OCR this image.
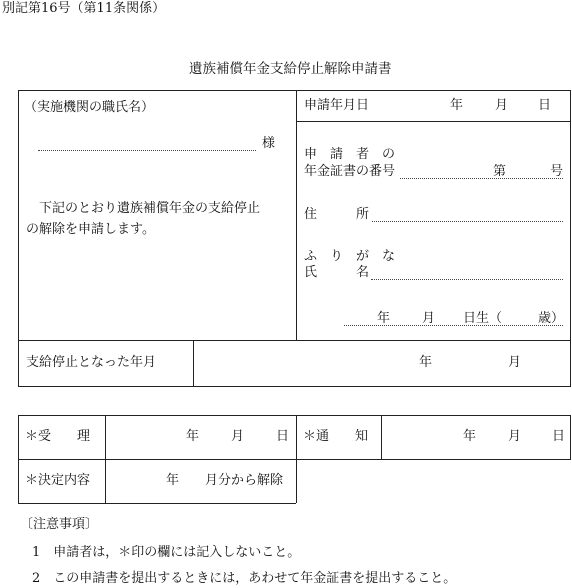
別記第16号（第11条関係）
遺族補償年金支給停止解除申請書
（実施機関の職氏名）
様
下記のとおり遺族補償年金の支給停止
の解除を申請します。
申請年月日	年 月 日
申　請　者　の
年金証書の番号	第	号
住　　　所
ふ　り　が　な
氏　　　名
年 月 日生（	歳）
支給停止となった年月	年	月
＊受　　理	年 月 日 ＊通　　知	年 月 日
＊決定内容	年　　月分から解除
〔注意事項〕
1　申請者は，＊印の欄には記入しないこと。
2　この申請書を提出するときには，あわせて年金証書を提出すること。
